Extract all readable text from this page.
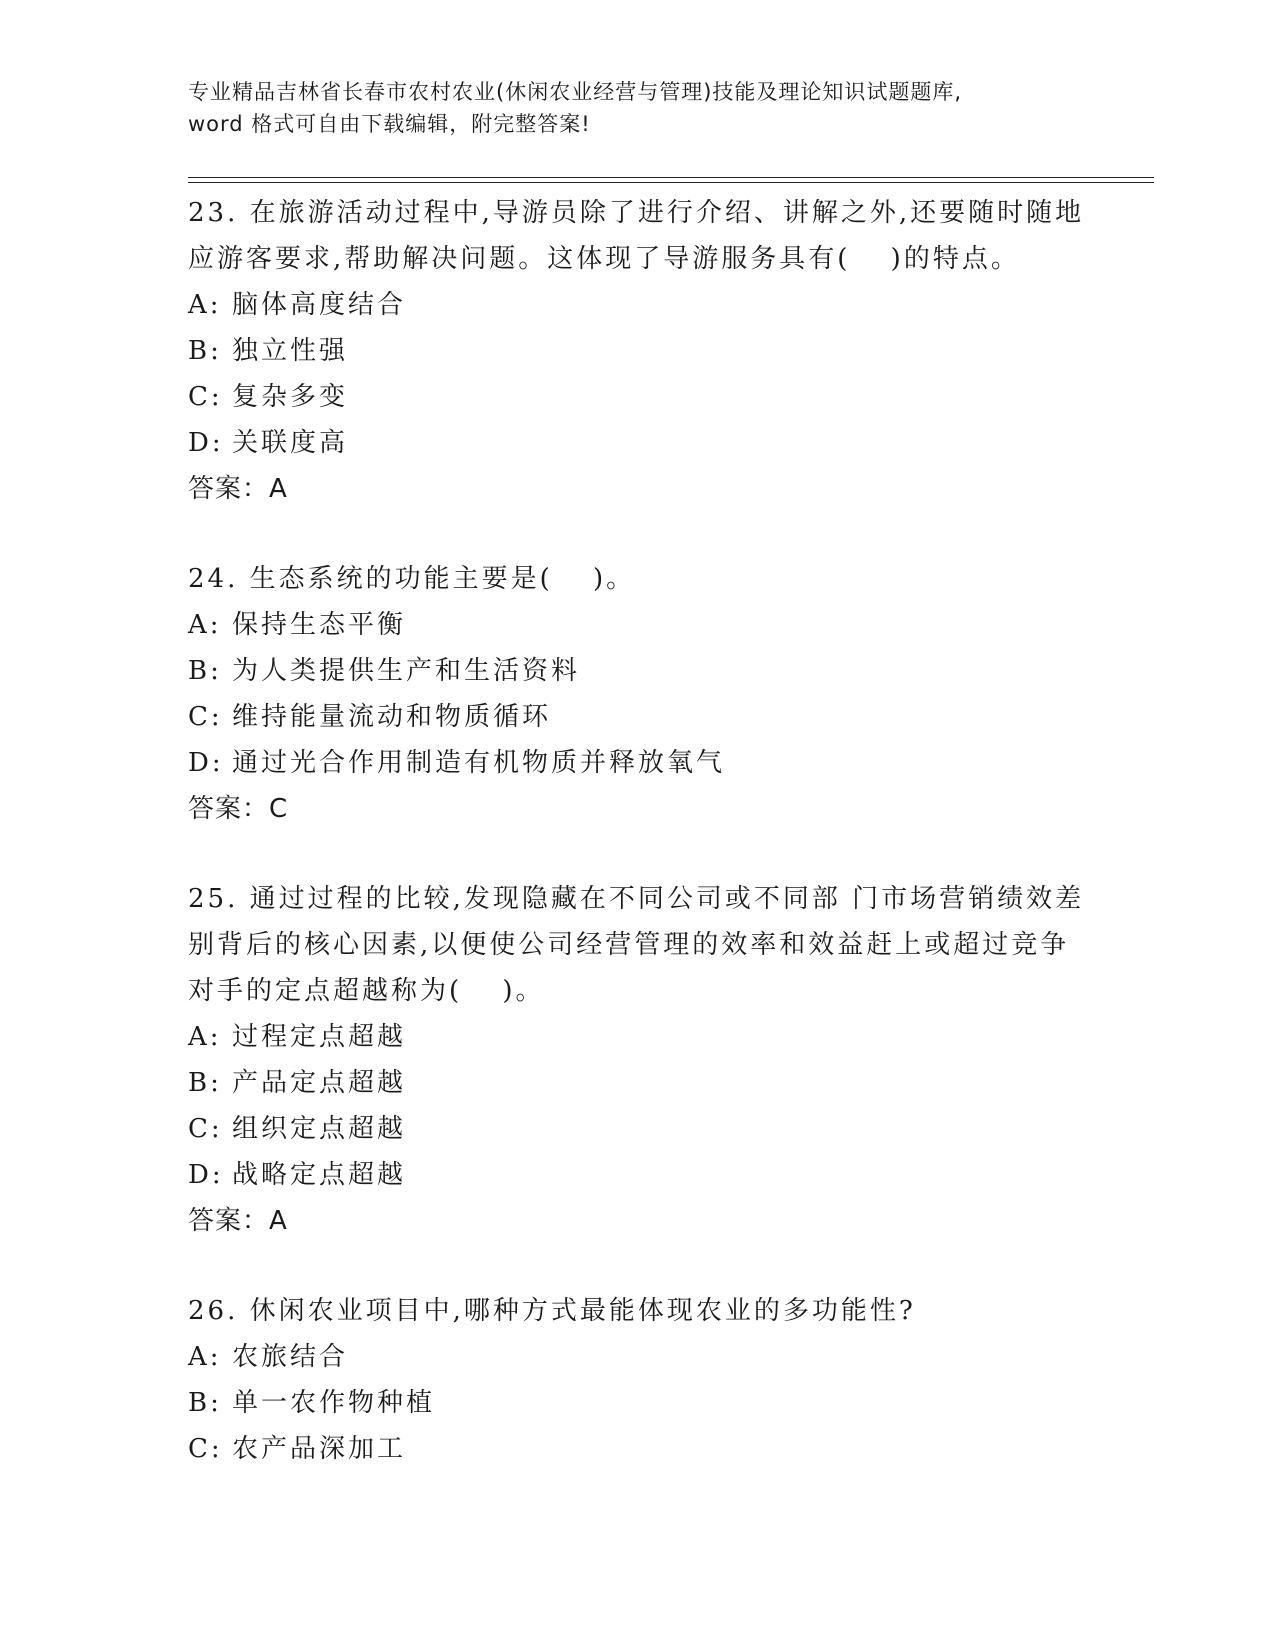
专业精品吉林省长春市农村农业(休闲农业经营与管理)技能及理论知识试题题库,
word 格式可自由下载编辑，附完整答案!

23. 在旅游活动过程中,导游员除了进行介绍、讲解之外,还要随时随地应游客要求,帮助解决问题。这体现了导游服务具有(　 )的特点。

A: 脑体高度结合

B: 独立性强

C: 复杂多变

D: 关联度高

答案：A

24. 生态系统的功能主要是(　 )。

A: 保持生态平衡

B: 为人类提供生产和生活资料

C: 维持能量流动和物质循环

D: 通过光合作用制造有机物质并释放氧气

答案：C

25. 通过过程的比较,发现隐藏在不同公司或不同部 门市场营销绩效差别背后的核心因素,以便使公司经营管理的效率和效益赶上或超过竞争对手的定点超越称为(　 )。

A: 过程定点超越

B: 产品定点超越

C: 组织定点超越

D: 战略定点超越

答案：A

26. 休闲农业项目中,哪种方式最能体现农业的多功能性?

A: 农旅结合

B: 单一农作物种植

C: 农产品深加工
